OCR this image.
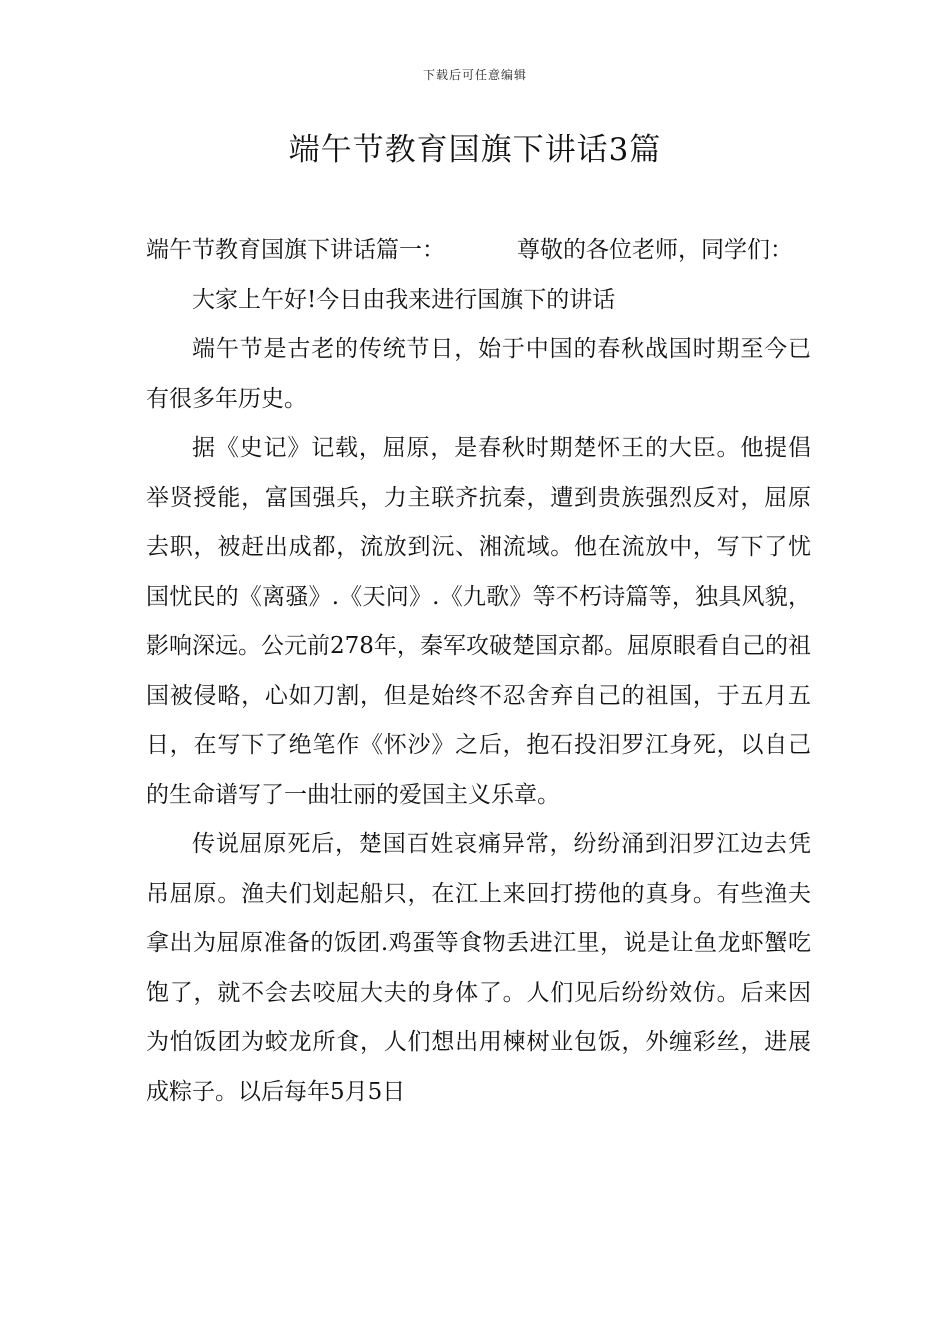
下载后可任意编辑
端午节教育国旗下讲话3篇

端午节教育国旗下讲话篇一：	尊敬的各位老师，同学们：

大家上午好!今日由我来进行国旗下的讲话

端午节是古老的传统节日，始于中国的春秋战国时期至今已有很多年历史。

据《史记》记载，屈原，是春秋时期楚怀王的大臣。他提倡举贤授能，富国强兵，力主联齐抗秦，遭到贵族强烈反对，屈原去职，被赶出成都，流放到沅、湘流域。他在流放中，写下了忧国忧民的《离骚》.《天问》.《九歌》等不朽诗篇等，独具风貌，影响深远。公元前278年，秦军攻破楚国京都。屈原眼看自己的祖国被侵略，心如刀割，但是始终不忍舍弃自己的祖国，于五月五日，在写下了绝笔作《怀沙》之后，抱石投汨罗江身死，以自己的生命谱写了一曲壮丽的爱国主义乐章。

传说屈原死后，楚国百姓哀痛异常，纷纷涌到汨罗江边去凭吊屈原。渔夫们划起船只，在江上来回打捞他的真身。有些渔夫拿出为屈原准备的饭团.鸡蛋等食物丢进江里，说是让鱼龙虾蟹吃饱了，就不会去咬屈大夫的身体了。人们见后纷纷效仿。后来因为怕饭团为蛟龙所食，人们想出用楝树业包饭，外缠彩丝，进展成粽子。以后每年5月5日
